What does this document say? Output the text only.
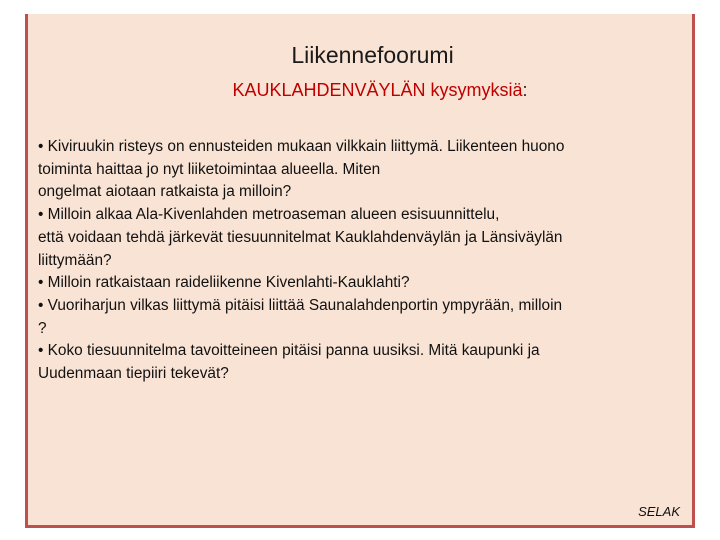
Liikennefoorumi
KAUKLAHDENVÄYLÄN kysymyksiä:

• Kiviruukin risteys on ennusteiden mukaan vilkkain liittymä. Liikenteen huono

toiminta haittaa jo nyt liiketoimintaa alueella. Miten

ongelmat aiotaan ratkaista ja milloin?

• Milloin alkaa Ala-Kivenlahden metroaseman alueen esisuunnittelu,

että voidaan tehdä järkevät tiesuunnitelmat Kauklahdenväylän ja Länsiväylän

liittymään?

• Milloin ratkaistaan raideliikenne Kivenlahti-Kauklahti?

• Vuoriharjun vilkas liittymä pitäisi liittää Saunalahdenportin ympyrään, milloin

?

• Koko tiesuunnitelma tavoitteineen pitäisi panna uusiksi. Mitä kaupunki ja

Uudenmaan tiepiiri tekevät?

SELAK
